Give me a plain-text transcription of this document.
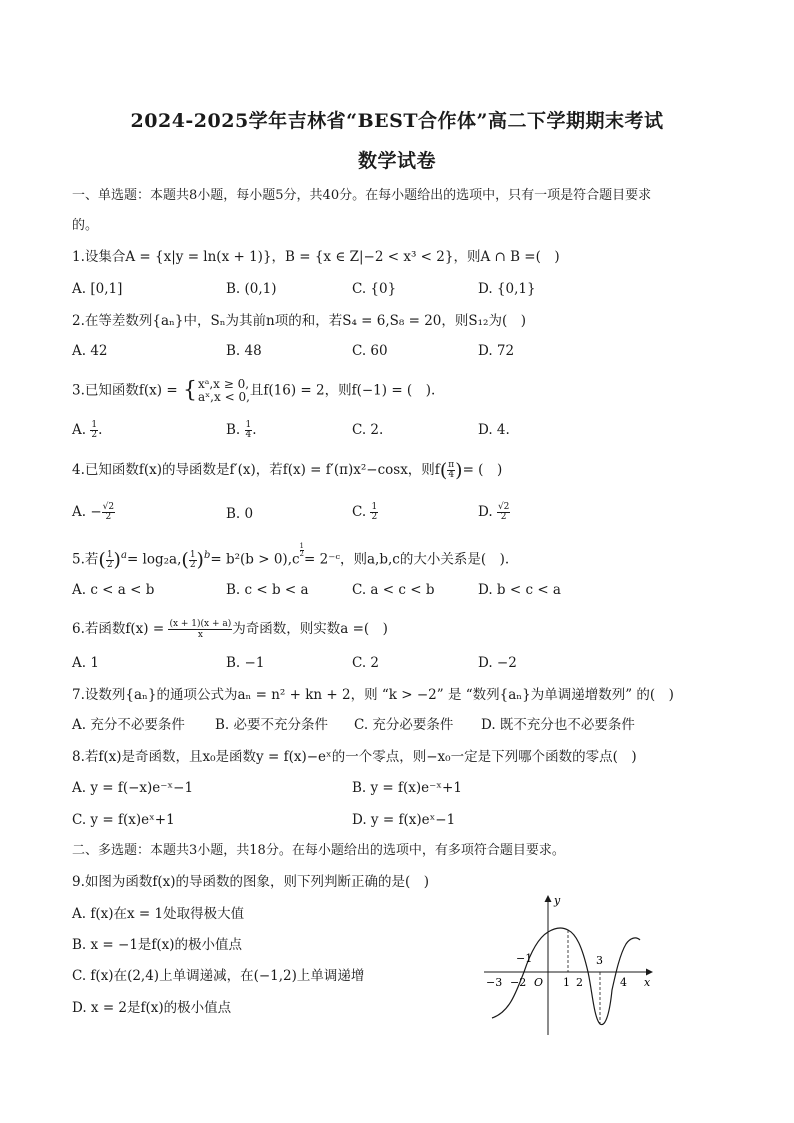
2024-2025学年吉林省“BEST合作体”高二下学期期末考试
数学试卷
一、单选题：本题共8小题，每小题5分，共40分。在每小题给出的选项中，只有一项是符合题目要求
的。
1.设集合A = {x|y = ln(x + 1)}，B = {x ∈ Z|−2 < x³ < 2}，则A ∩ B =(　)
A. [0,1]	B. (0,1)	C. {0}	D. {0,1}
2.在等差数列{aₙ}中，Sₙ为其前n项的和，若S₄ = 6,S₈ = 20，则S₁₂为(　)
A. 42	B. 48	C. 60	D. 72
3.已知函数f(x) = { xᵃ,x ≥ 0,
aˣ,x < 0, 且f(16) = 2，则f(−1) = (　).
A. $\frac{1}{2}$ .	B. $\frac{1}{4}$ .	C. 2.	D. 4.
4.已知函数f(x)的导函数是f′(x)，若f(x) = f′(π)x²−cosx，则$f( \frac{\pi}{4}$ )= (　)
A. − $\frac{√2}{2}$	B. 0	C. $\frac{1}{2}$	D. $\frac{√2}{2}$
5.若( $\frac{1}{2} )^a= \log_2a,( \frac{1}{2} )^b= b^2(b > 0),c$
$\frac{1}{2}$
= 2⁻ᶜ，则a,b,c的大小关系是(　).
A. c < a < b	B. c < b < a	C. a < c < b	D. b < c < a
6.若函数$f(x) = \frac{(x + 1)(x + a)}{x}$ 为奇函数，则实数a =(　)
A. 1	B. −1	C. 2	D. −2
7.设数列{aₙ}的通项公式为aₙ = n² + kn + 2，则 “k > −2” 是 “数列{aₙ}为单调递增数列” 的(　)
A. 充分不必要条件 B. 必要不充分条件 C. 充分必要条件 D. 既不充分也不必要条件
8.若f(x)是奇函数，且x₀是函数y = f(x)−eˣ的一个零点，则−x₀一定是下列哪个函数的零点(　)
A. y = f(−x)e⁻ˣ−1	B. y = f(x)e⁻ˣ+1
C. y = f(x)eˣ+1	D. y = f(x)eˣ−1
二、多选题：本题共3小题，共18分。在每小题给出的选项中，有多项符合题目要求。
9.如图为函数f(x)的导函数的图象，则下列判断正确的是(　)
A. f(x)在x = 1处取得极大值
B. x = −1是f(x)的极小值点
C. f(x)在(2,4)上单调递减，在(−1,2)上单调递增
D. x = 2是f(x)的极小值点
y
x
O
−3 −2
−1
1 2
3
4
